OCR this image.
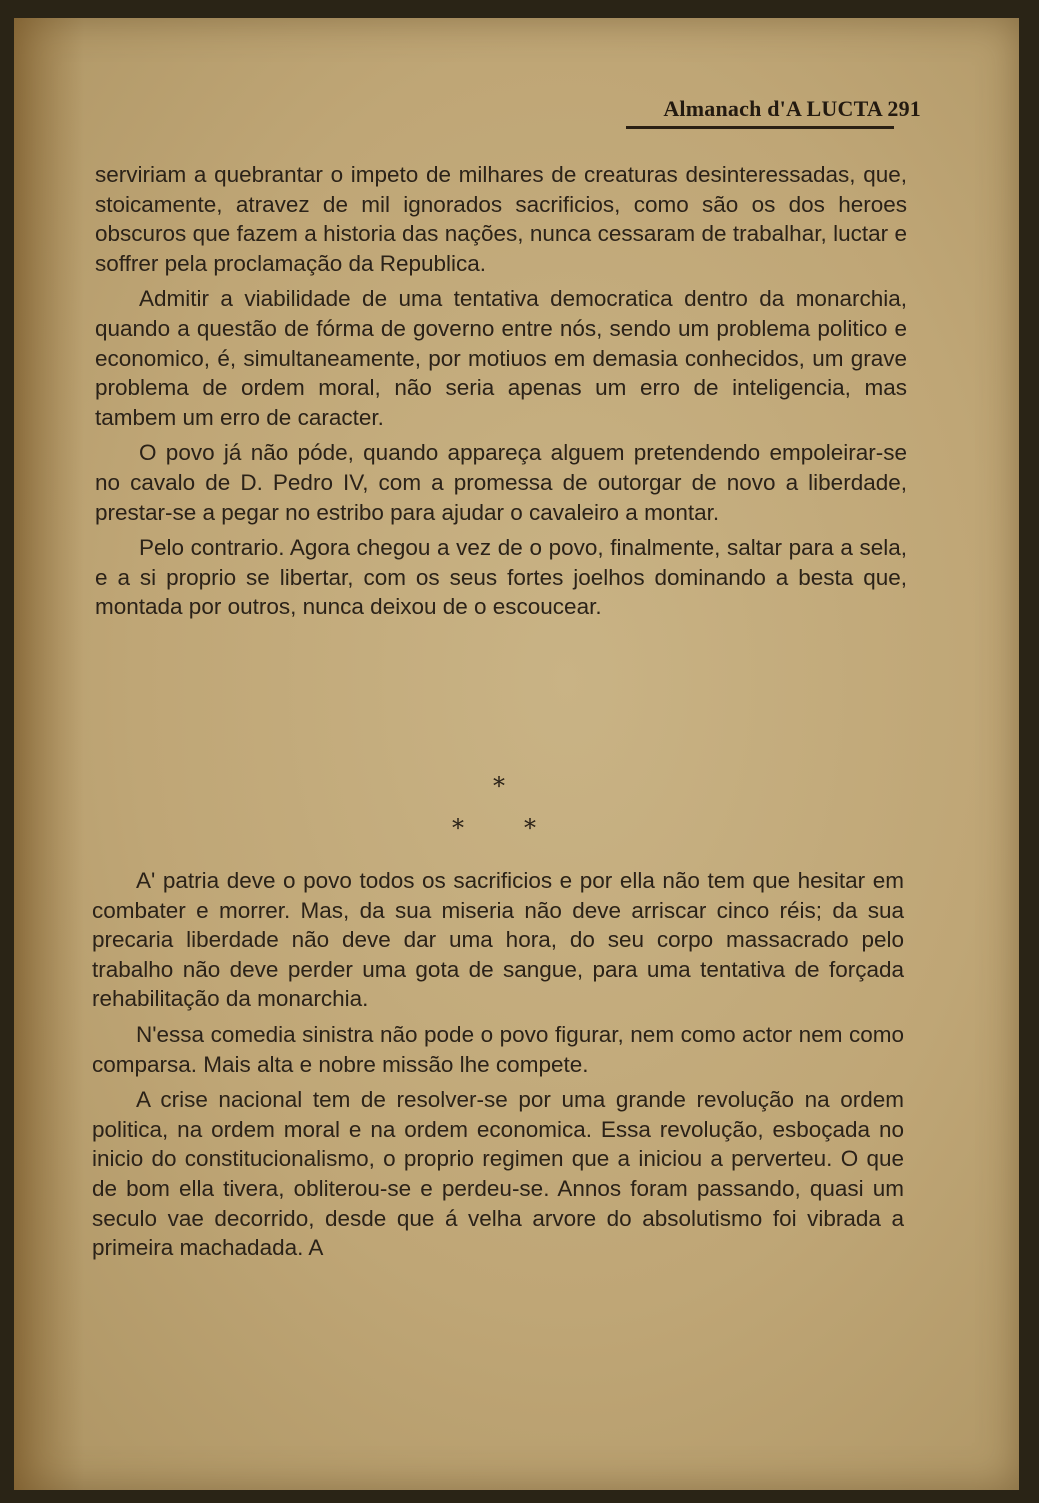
Almanach d'A LUCTA 291

serviriam a quebrantar o impeto de milhares de creaturas desinteressadas, que, stoicamente, atravez de mil ignorados sacrificios, como são os dos heroes obscuros que fazem a historia das nações, nunca cessaram de trabalhar, luctar e soffrer pela proclamação da Republica.

Admitir a viabilidade de uma tentativa democratica dentro da monarchia, quando a questão de fórma de governo entre nós, sendo um problema politico e economico, é, simultaneamente, por motiuos em demasia conhecidos, um grave problema de ordem moral, não seria apenas um erro de inteligencia, mas tambem um erro de caracter.

O povo já não póde, quando appareça alguem pretendendo empoleirar-se no cavalo de D. Pedro IV, com a promessa de outorgar de novo a liberdade, prestar-se a pegar no estribo para ajudar o cavaleiro a montar.

Pelo contrario. Agora chegou a vez de o povo, finalmente, saltar para a sela, e a si proprio se libertar, com os seus fortes joelhos dominando a besta que, montada por outros, nunca deixou de o escoucear.

*
*	*

A' patria deve o povo todos os sacrificios e por ella não tem que hesitar em combater e morrer. Mas, da sua miseria não deve arriscar cinco réis; da sua precaria liberdade não deve dar uma hora, do seu corpo massacrado pelo trabalho não deve perder uma gota de sangue, para uma tentativa de forçada rehabilitação da monarchia.

N'essa comedia sinistra não pode o povo figurar, nem como actor nem como comparsa. Mais alta e nobre missão lhe compete.

A crise nacional tem de resolver-se por uma grande revolução na ordem politica, na ordem moral e na ordem economica. Essa revolução, esboçada no inicio do constitucionalismo, o proprio regimen que a iniciou a perverteu. O que de bom ella tivera, obliterou-se e perdeu-se. Annos foram passando, quasi um seculo vae decorrido, desde que á velha arvore do absolutismo foi vibrada a primeira machadada. A
